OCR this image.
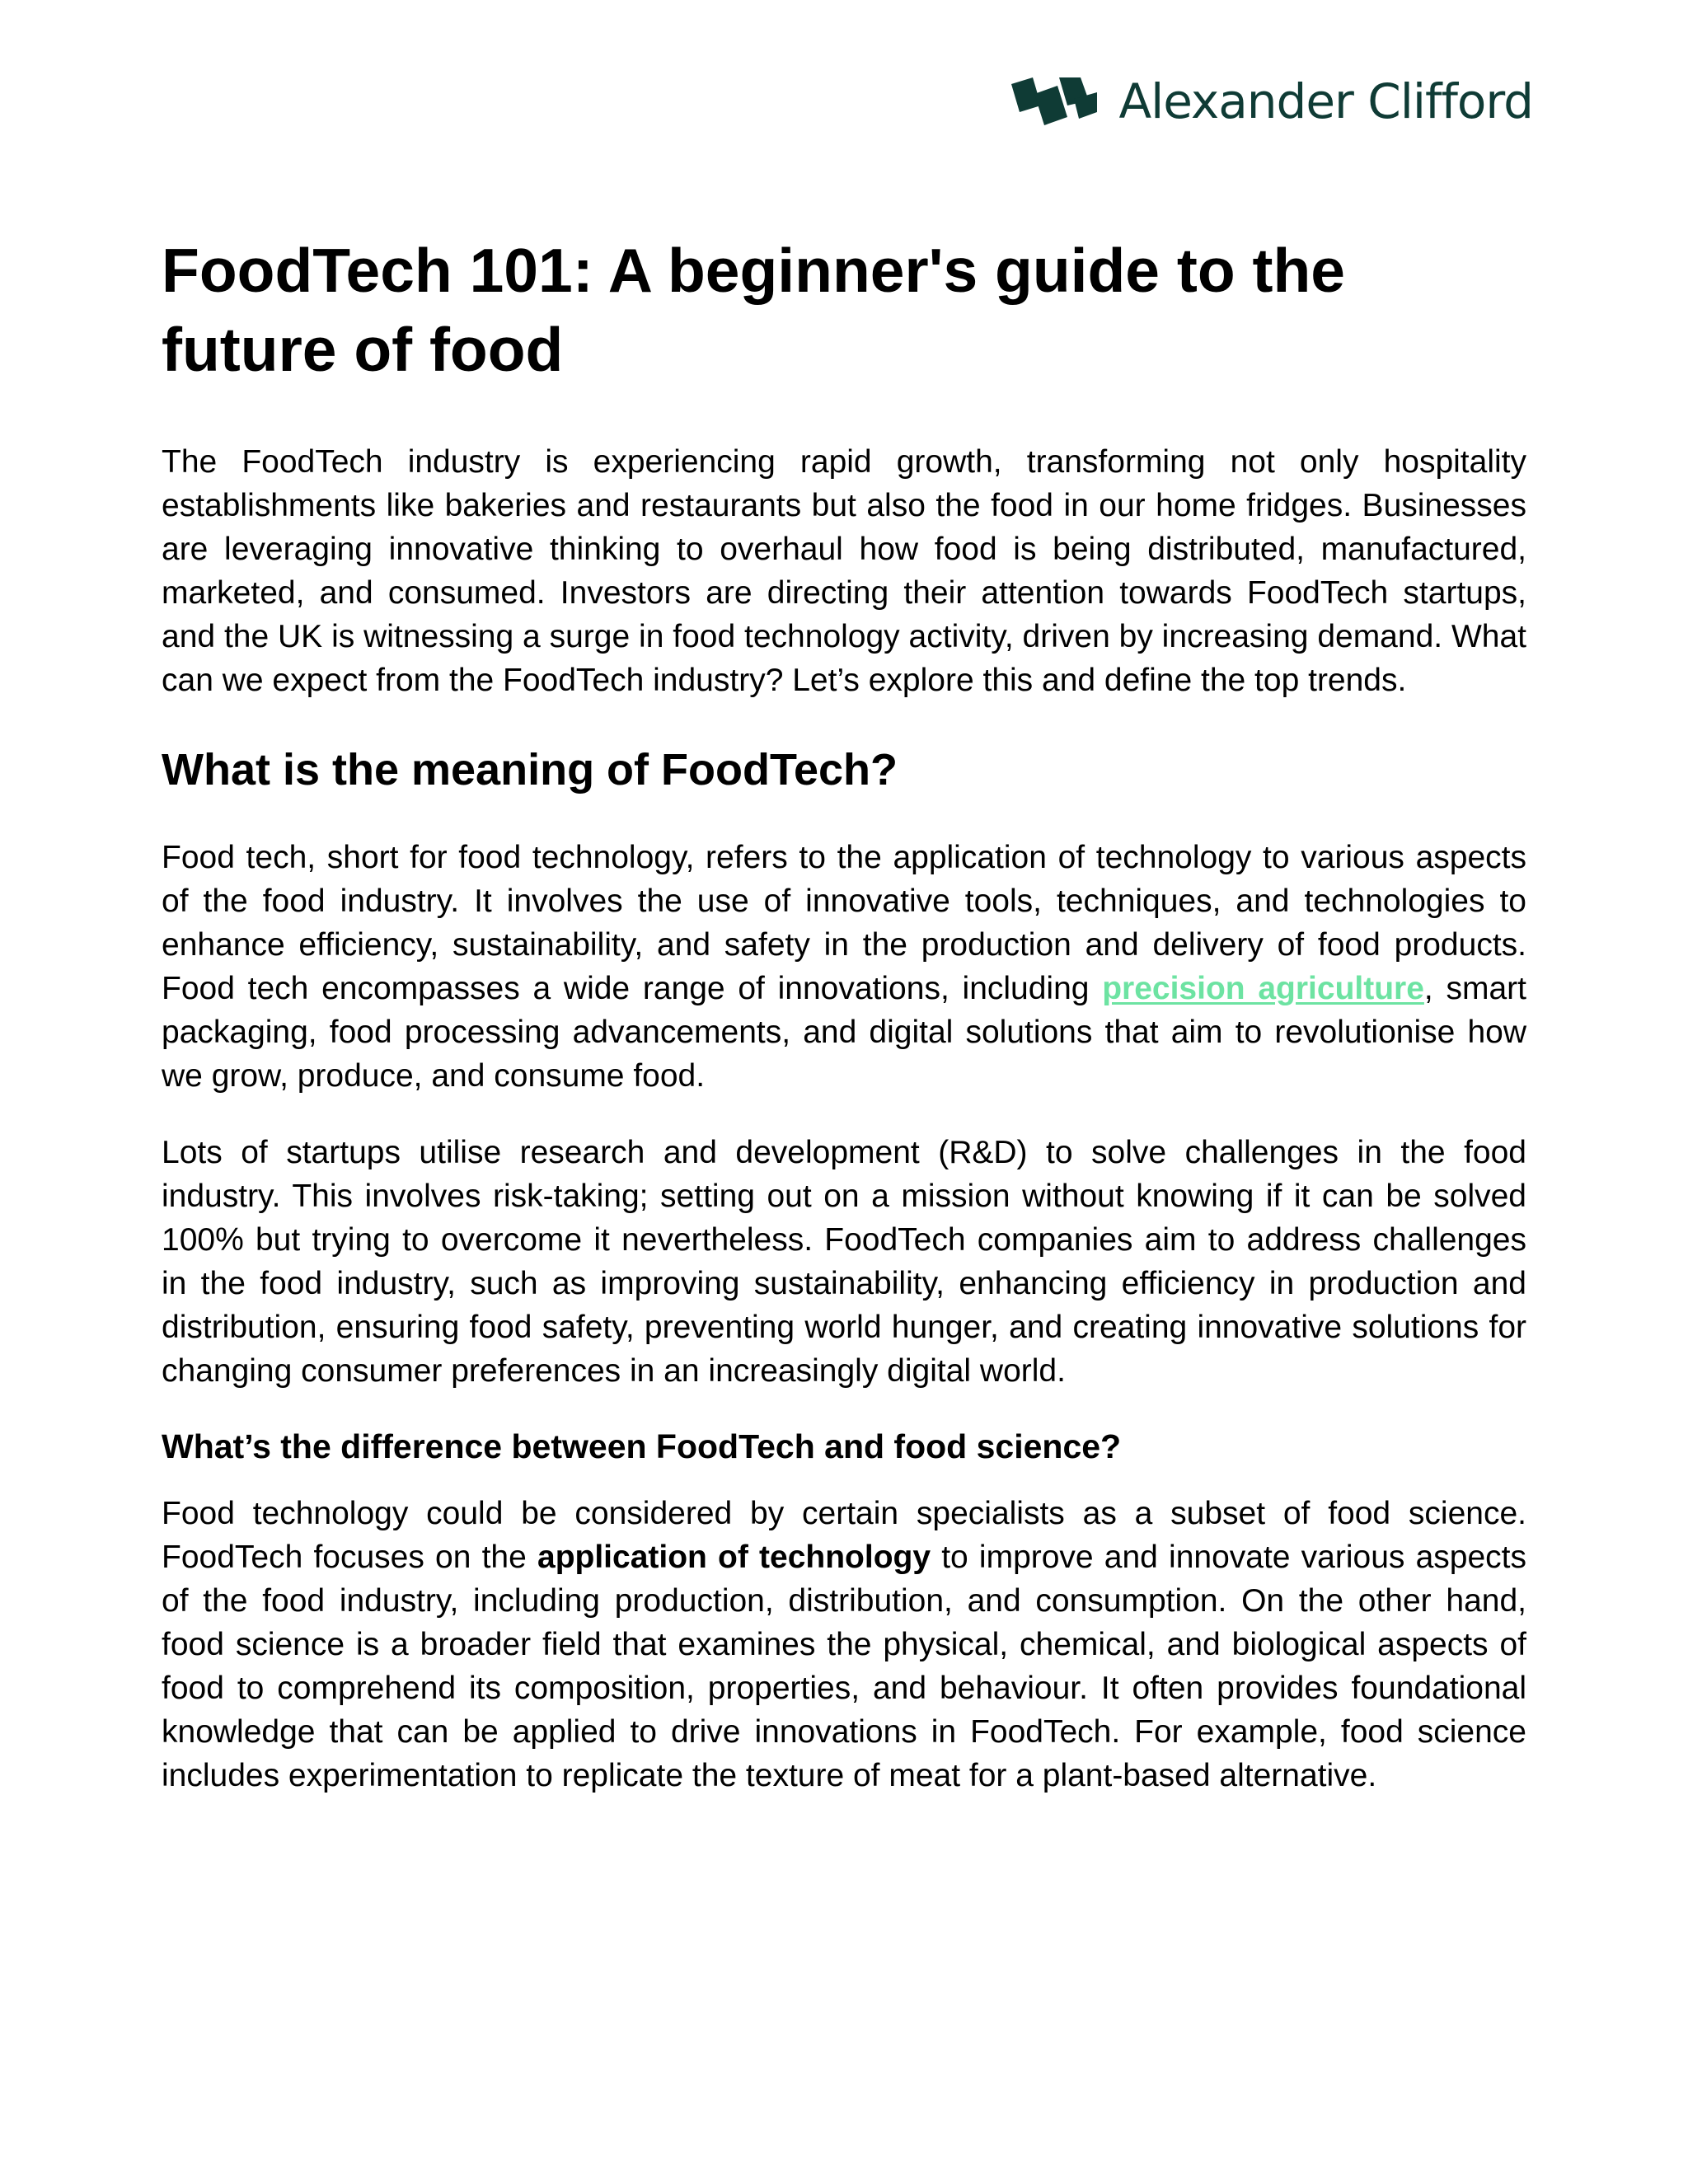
Alexander Clifford
FoodTech 101: A beginner's guide to the future of food

The FoodTech industry is experiencing rapid growth, transforming not only hospitality establishments like bakeries and restaurants but also the food in our home fridges. Businesses are leveraging innovative thinking to overhaul how food is being distributed, manufactured, marketed, and consumed. Investors are directing their attention towards FoodTech startups, and the UK is witnessing a surge in food technology activity, driven by increasing demand. What can we expect from the FoodTech industry? Let’s explore this and define the top trends.

What is the meaning of FoodTech?

Food tech, short for food technology, refers to the application of technology to various aspects of the food industry. It involves the use of innovative tools, techniques, and technologies to enhance efficiency, sustainability, and safety in the production and delivery of food products. Food tech encompasses a wide range of innovations, including precision agriculture, smart packaging, food processing advancements, and digital solutions that aim to revolutionise how we grow, produce, and consume food.

Lots of startups utilise research and development (R&D) to solve challenges in the food industry. This involves risk-taking; setting out on a mission without knowing if it can be solved 100% but trying to overcome it nevertheless. FoodTech companies aim to address challenges in the food industry, such as improving sustainability, enhancing efficiency in production and distribution, ensuring food safety, preventing world hunger, and creating innovative solutions for changing consumer preferences in an increasingly digital world.

What’s the difference between FoodTech and food science?

Food technology could be considered by certain specialists as a subset of food science. FoodTech focuses on the application of technology to improve and innovate various aspects of the food industry, including production, distribution, and consumption. On the other hand, food science is a broader field that examines the physical, chemical, and biological aspects of food to comprehend its composition, properties, and behaviour. It often provides foundational knowledge that can be applied to drive innovations in FoodTech. For example, food science includes experimentation to replicate the texture of meat for a plant-based alternative.
